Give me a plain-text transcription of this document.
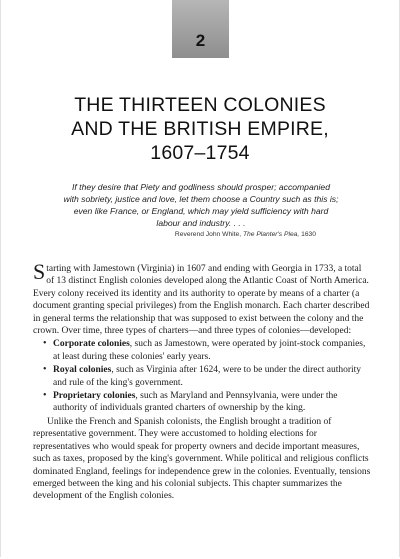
2
THE THIRTEEN COLONIES
AND THE BRITISH EMPIRE,
1607–1754
If they desire that Piety and godliness should prosper; accompanied
with sobriety, justice and love, let them choose a Country such as this is;
even like France, or England, which may yield sufficiency with hard
labour and industry. . . .
Reverend John White, The Planter's Plea, 1630

Starting with Jamestown (Virginia) in 1607 and ending with Georgia in 1733, a total of 13 distinct English colonies developed along the Atlantic Coast of North America. Every colony received its identity and its authority to operate by means of a charter (a document granting special privileges) from the English monarch. Each charter described in general terms the relationship that was supposed to exist between the colony and the crown. Over time, three types of charters—and three types of colonies—developed:

• Corporate colonies, such as Jamestown, were operated by joint-stock companies, at least during these colonies' early years.
• Royal colonies, such as Virginia after 1624, were to be under the direct authority and rule of the king's government.
• Proprietary colonies, such as Maryland and Pennsylvania, were under the authority of individuals granted charters of ownership by the king.

Unlike the French and Spanish colonists, the English brought a tradition of representative government. They were accustomed to holding elections for representatives who would speak for property owners and decide important measures, such as taxes, proposed by the king's government. While political and religious conflicts dominated England, feelings for independence grew in the colonies. Eventually, tensions emerged between the king and his colonial subjects. This chapter summarizes the development of the English colonies.
